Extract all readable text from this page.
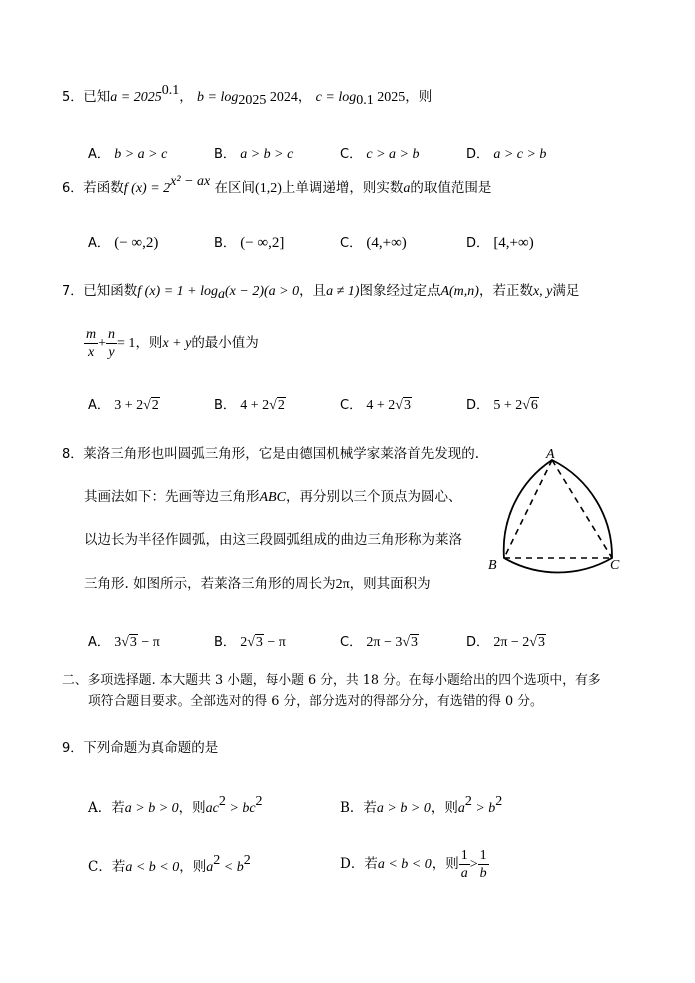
5．已知$a = 2025^{0.1}$， $b = \log_{2025} 2024$， $c = \log_{0.1} 2025$，则
A． b > a > c	B． a > b > c	C． c > a > b	D． a > c > b
6．若函数f $(x) = 2^{x^2 - ax}$ 在区间(1,2)上单调递增，则实数a的取值范围是
A． (− ∞,2)	B． (− ∞,2]	C． (4,+∞)	D． [4,+∞)
7．已知函数f $(x) = 1 + \log_a(x - 2)(a > 0$，且a ≠ 1)图象经过定点A(m,n)，若正数x, y满足
$\frac{m}{x} + \frac{n}{y} = 1$，则x + y的最小值为
A． 3 + 2√2	B． 4 + 2√2	C． 4 + 2√3	D． 5 + 2√6
8．莱洛三角形也叫圆弧三角形，它是由德国机械学家莱洛首先发现的.
其画法如下：先画等边三角形ABC，再分别以三个顶点为圆心、
以边长为半径作圆弧，由这三段圆弧组成的曲边三角形称为莱洛
三角形. 如图所示，若莱洛三角形的周长为2π，则其面积为
A
B	C
A． 3√3 − π	B． 2√3 − π	C． 2π − 3√3	D． 2π − 2√3
二、多项选择题. 本大题共 3 小题，每小题 6 分，共 18 分。在每小题给出的四个选项中，有多
项符合题目要求。全部选对的得 6 分，部分选对的得部分分，有选错的得 0 分。
9．下列命题为真命题的是
A．若a > b > 0，则$ac^2 > bc^2$	B．若a > b > 0，则$a^2 > b^2$
C．若a < b < 0，则$a^2 < b^2$	D．若a < b < 0，则 $\frac{1}{a} > \frac{1}{b}$
